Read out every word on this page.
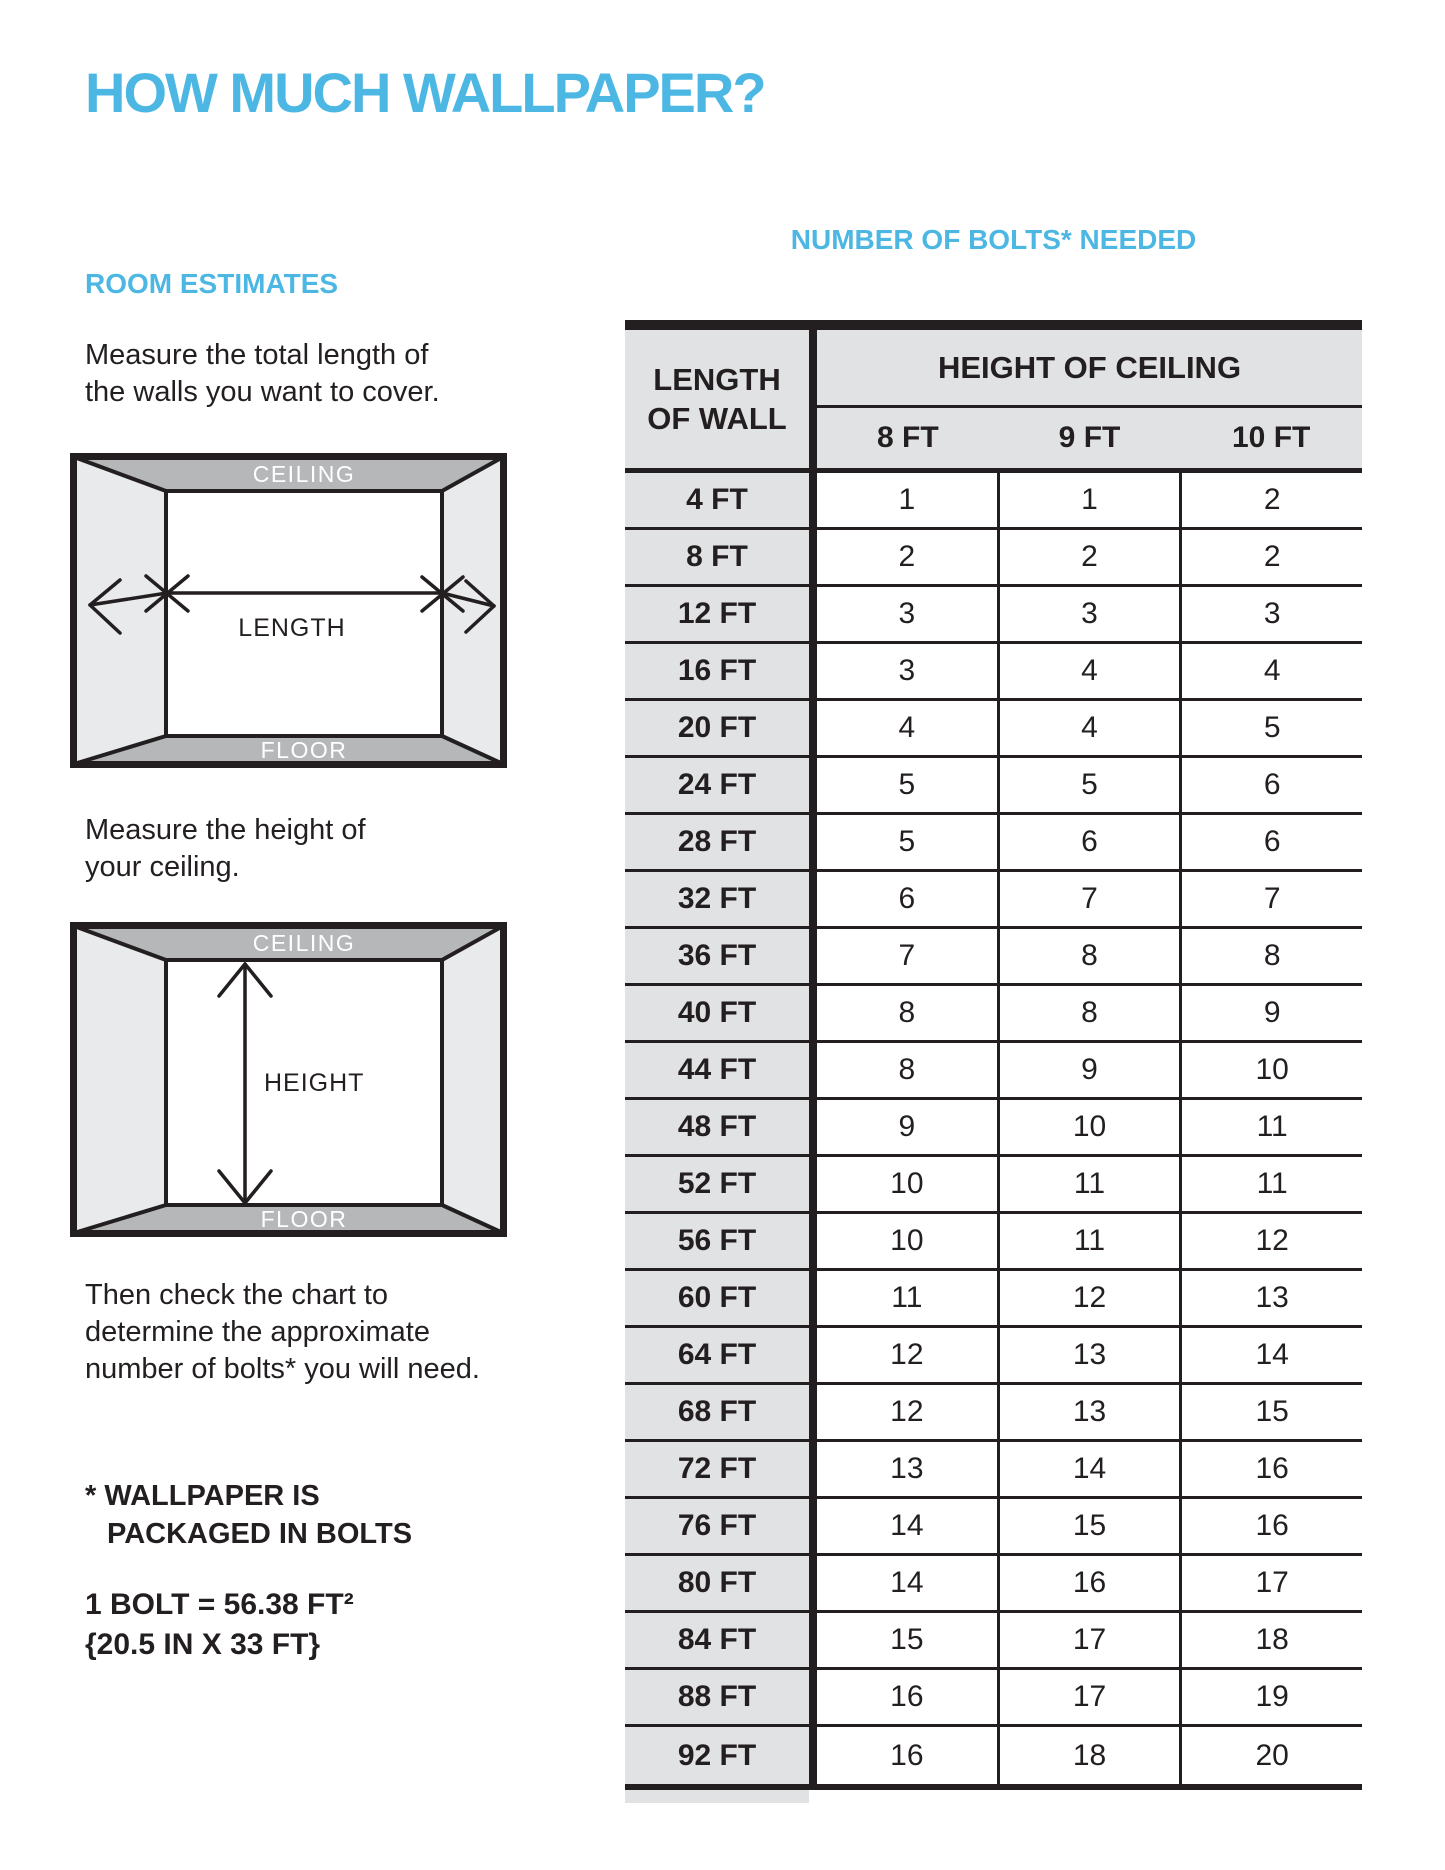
HOW MUCH WALLPAPER?
ROOM ESTIMATES
NUMBER OF BOLTS* NEEDED
Measure the total length of
the walls you want to cover.
CEILING
FLOOR
LENGTH
Measure the height of
your ceiling.
CEILING
FLOOR
HEIGHT
Then check the chart to
determine the approximate
number of bolts* you will need.
* WALLPAPER IS
PACKAGED IN BOLTS
1 BOLT = 56.38 FT²
{20.5 IN X 33 FT}
LENGTH
OF WALL
HEIGHT OF CEILING
8 FT	9 FT	10 FT
4 FT	1	1	2
8 FT	2	2	2
12 FT	3	3	3
16 FT	3	4	4
20 FT	4	4	5
24 FT	5	5	6
28 FT	5	6	6
32 FT	6	7	7
36 FT	7	8	8
40 FT	8	8	9
44 FT	8	9	10
48 FT	9	10	11
52 FT	10	11	11
56 FT	10	11	12
60 FT	11	12	13
64 FT	12	13	14
68 FT	12	13	15
72 FT	13	14	16
76 FT	14	15	16
80 FT	14	16	17
84 FT	15	17	18
88 FT	16	17	19
92 FT	16	18	20
